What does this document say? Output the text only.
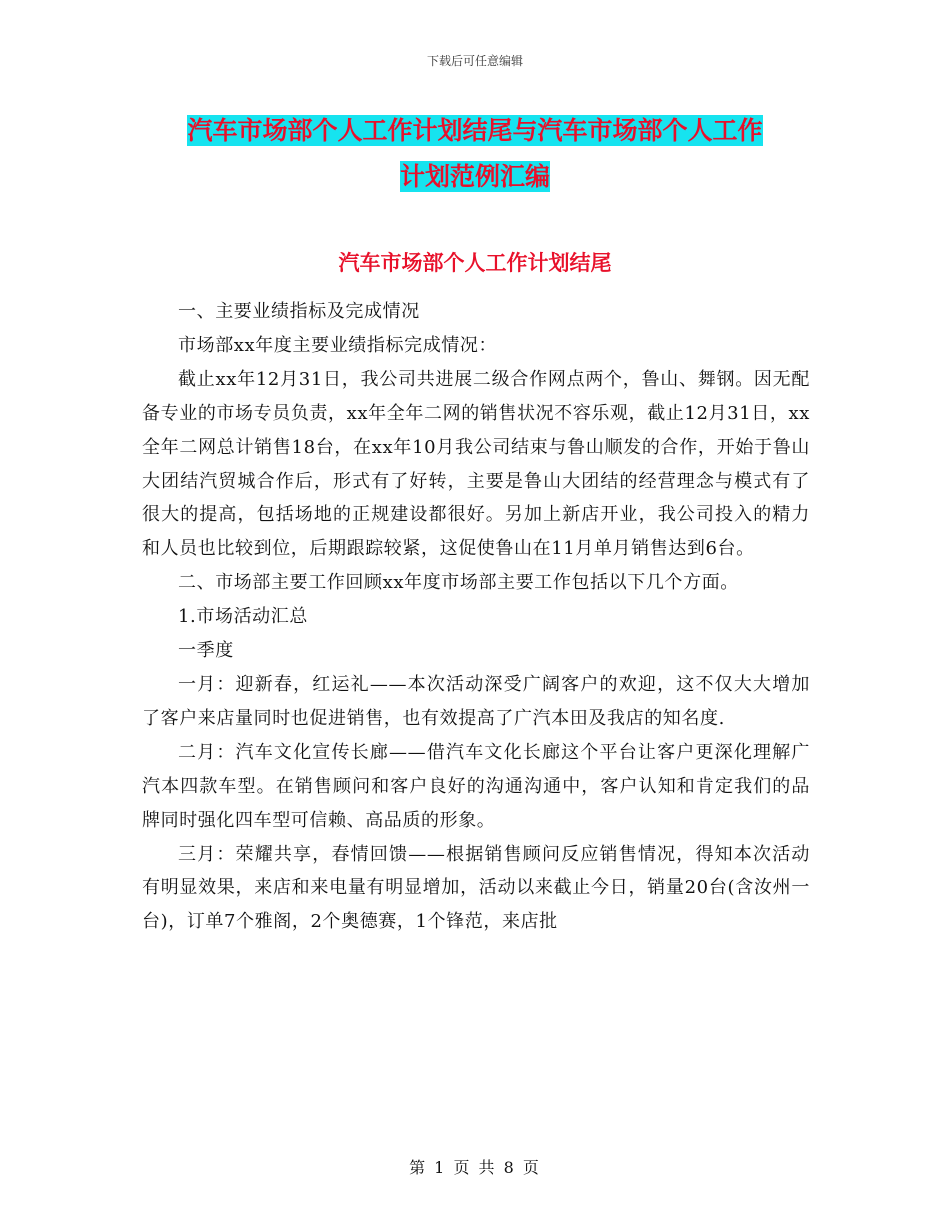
下载后可任意编辑
汽车市场部个人工作计划结尾与汽车市场部个人工作
计划范例汇编
汽车市场部个人工作计划结尾

一、主要业绩指标及完成情况

市场部xx年度主要业绩指标完成情况：

截止xx年12月31日，我公司共进展二级合作网点两个，鲁山、舞钢。因无配备专业的市场专员负责，xx年全年二网的销售状况不容乐观，截止12月31日，xx全年二网总计销售18台，在xx年10月我公司结束与鲁山顺发的合作，开始于鲁山大团结汽贸城合作后，形式有了好转，主要是鲁山大团结的经营理念与模式有了很大的提高，包括场地的正规建设都很好。另加上新店开业，我公司投入的精力和人员也比较到位，后期跟踪较紧，这促使鲁山在11月单月销售达到6台。

二、市场部主要工作回顾xx年度市场部主要工作包括以下几个方面。

1.市场活动汇总

一季度

一月：迎新春，红运礼——本次活动深受广阔客户的欢迎，这不仅大大增加了客户来店量同时也促进销售，也有效提高了广汽本田及我店的知名度.

二月：汽车文化宣传长廊——借汽车文化长廊这个平台让客户更深化理解广汽本四款车型。在销售顾问和客户良好的沟通沟通中，客户认知和肯定我们的品牌同时强化四车型可信赖、高品质的形象。

三月：荣耀共享，春情回馈——根据销售顾问反应销售情况，得知本次活动有明显效果，来店和来电量有明显增加，活动以来截止今日，销量20台(含汝州一台)，订单7个雅阁，2个奥德赛，1个锋范，来店批

第 1 页 共 8 页
